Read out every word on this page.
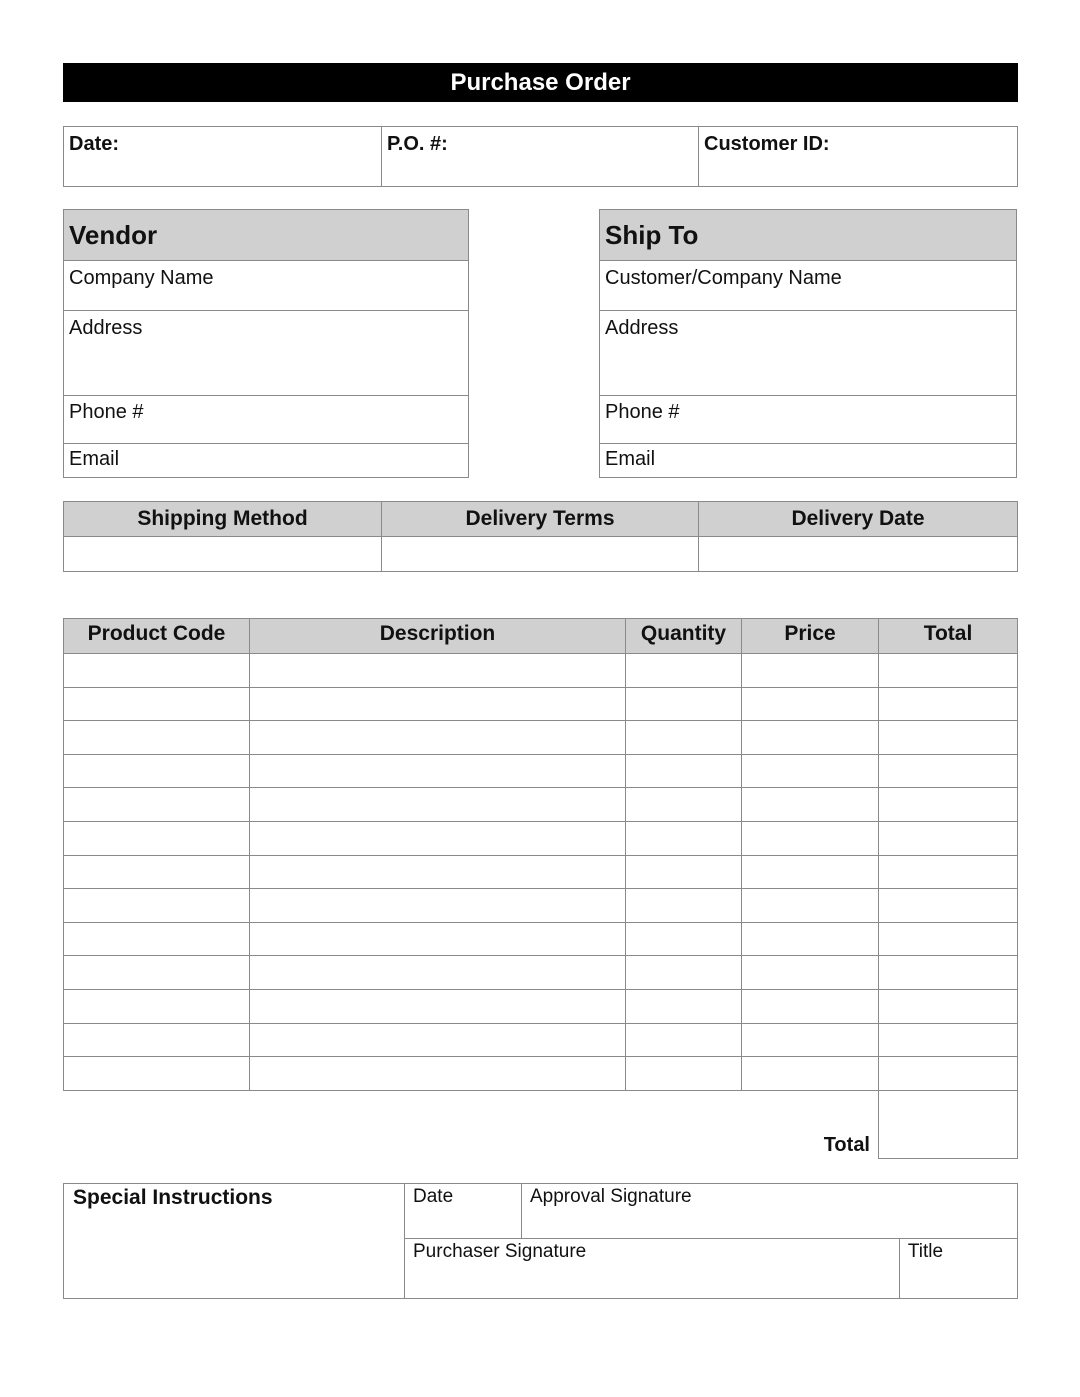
Purchase Order
Date:	P.O. #:	Customer ID:
Vendor
Company Name
Address
Phone #
Email
Ship To
Customer/Company Name
Address
Phone #
Email
Shipping Method	Delivery Terms	Delivery Date

Product Code	Description	Quantity	Price	Total

Total
Special Instructions	Date	Approval Signature	
	Purchaser Signature		Title
